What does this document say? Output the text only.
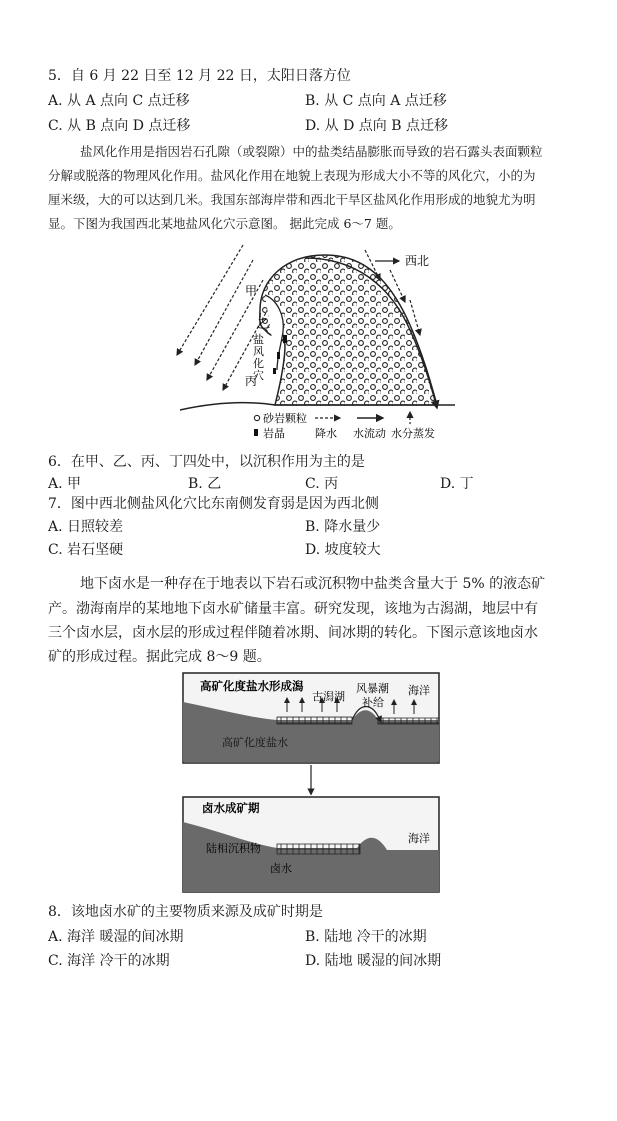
5．自 6 月 22 日至 12 月 22 日，太阳日落方位
A. 从 A 点向 C 点迁移	B. 从 C 点向 A 点迁移
C. 从 B 点向 D 点迁移	D. 从 D 点向 B 点迁移
盐风化作用是指因岩石孔隙（或裂隙）中的盐类结晶膨胀而导致的岩石露头表面颗粒
分解或脱落的物理风化作用。盐风化作用在地貌上表现为形成大小不等的风化穴，小的为
厘米级，大的可以达到几米。我国东部海岸带和西北干旱区盐风化作用形成的地貌尤为明
显。下图为我国西北某地盐风化穴示意图。 据此完成 6～7 题。
西北
甲
乙
丙
盐
风
化
穴
砂岩颗粒
岩晶	降水 水流动 水分蒸发
6．在甲、乙、丙、丁四处中，以沉积作用为主的是
A. 甲	B. 乙	C. 丙	D. 丁
7．图中西北侧盐风化穴比东南侧发育弱是因为西北侧
A. 日照较差	B. 降水量少
C. 岩石坚硬	D. 坡度较大
地下卤水是一种存在于地表以下岩石或沉积物中盐类含量大于 5% 的液态矿
产。渤海南岸的某地地下卤水矿储量丰富。研究发现，该地为古潟湖，地层中有
三个卤水层，卤水层的形成过程伴随着冰期、间冰期的转化。下图示意该地卤水
矿的形成过程。据此完成 8～9 题。
高矿化度盐水形成潟
古潟湖
风暴潮
补给
海洋
高矿化度盐水
卤水成矿期
陆相沉积物
卤水
海洋
8．该地卤水矿的主要物质来源及成矿时期是
A. 海洋 暖湿的间冰期	B. 陆地 冷干的冰期
C. 海洋 冷干的冰期	D. 陆地 暖湿的间冰期
